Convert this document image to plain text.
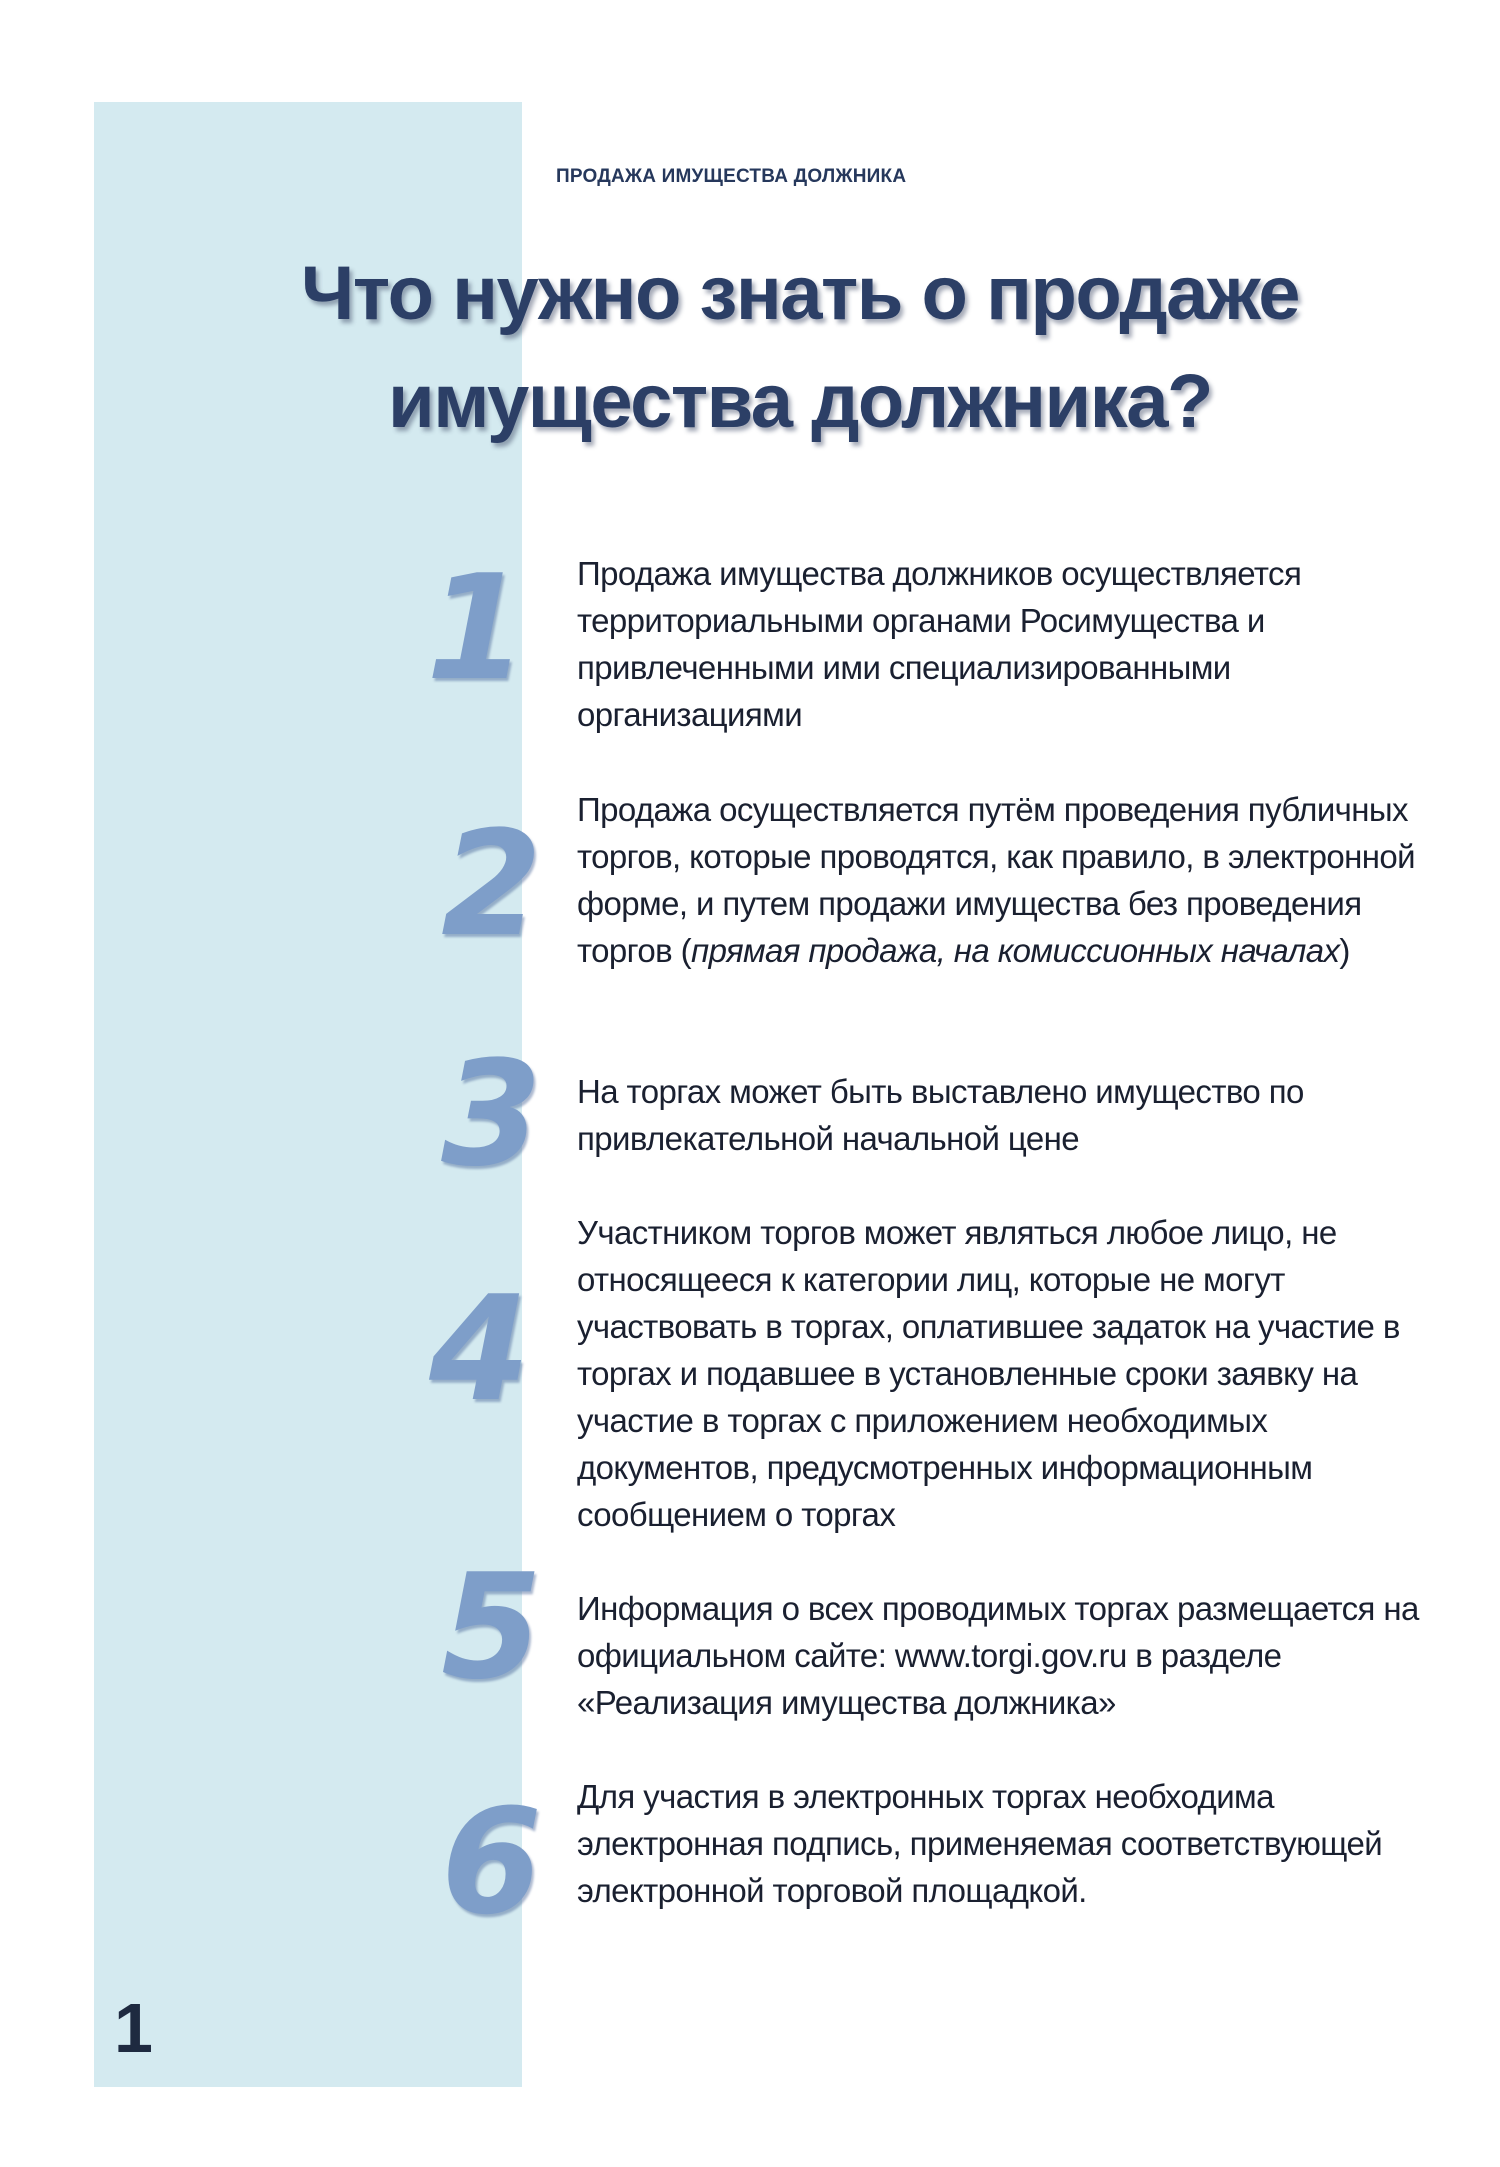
ПРОДАЖА ИМУЩЕСТВА ДОЛЖНИКА
Что нужно знать о продаже
имущества должника?
1 Продажа имущества должников осуществляется территориальными органами Росимущества и привлеченными ими специализированными организациями

2 Продажа осуществляется путём проведения публичных торгов, которые проводятся, как правило, в электронной форме, и путем продажи имущества без проведения торгов (прямая продажа, на комиссионных началах)

3 На торгах может быть выставлено имущество по привлекательной начальной цене

4

Участником торгов может являться любое лицо, не относящееся к категории лиц, которые не могут участвовать в торгах, оплатившее задаток на участие в торгах и подавшее в установленные сроки заявку на участие в торгах с приложением необходимых документов, предусмотренных информационным сообщением о торгах

5 Информация о всех проводимых торгах размещается на официальном сайте: www.torgi.gov.ru в разделе «Реализация имущества должника»

6 Для участия в электронных торгах необходима электронная подпись, применяемая соответствующей электронной торговой площадкой.

1
